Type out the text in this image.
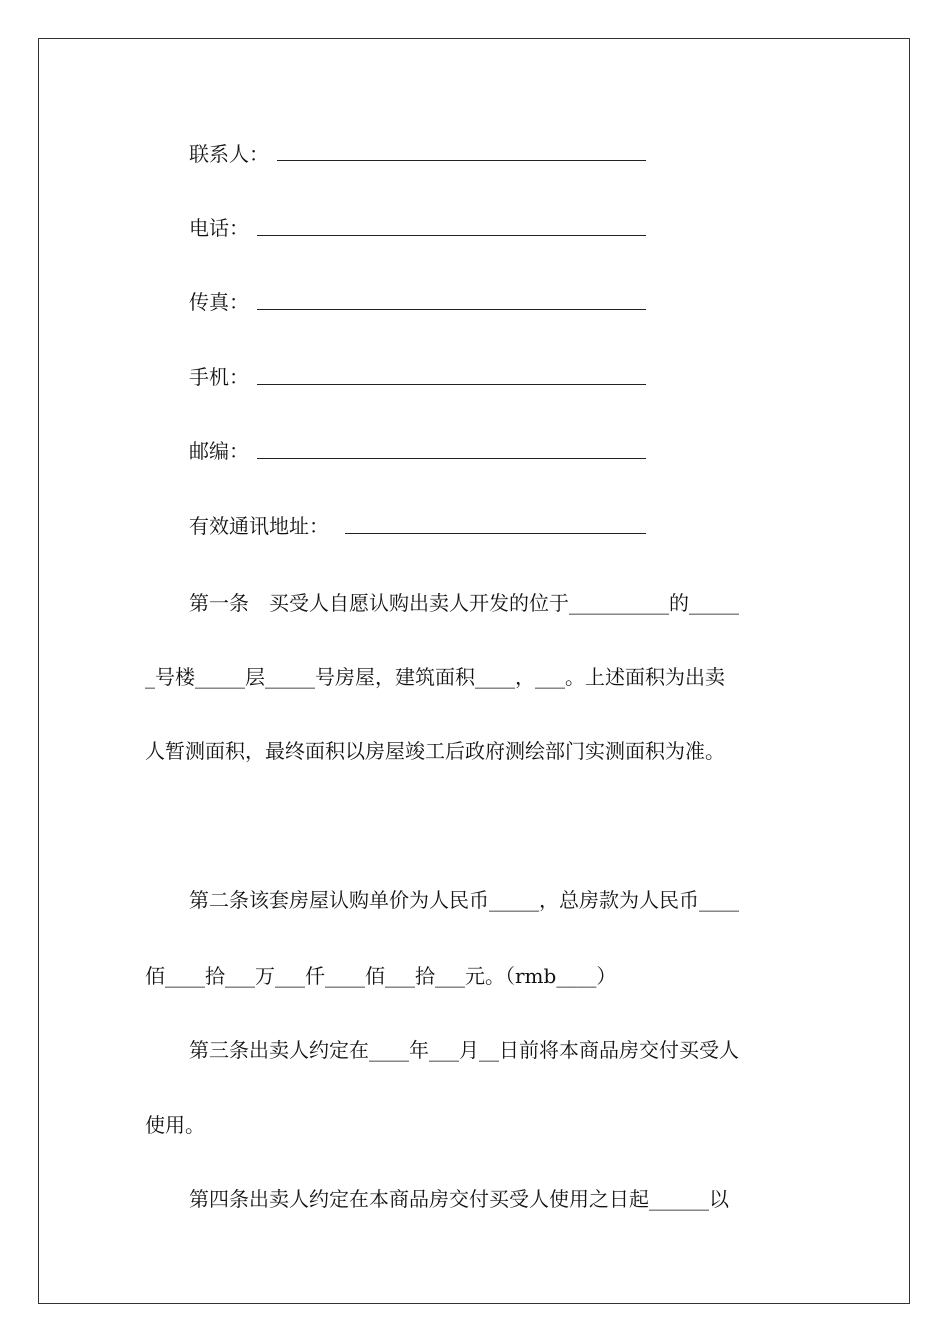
联系人：
电话：
传真：
手机：
邮编：
有效通讯地址：
第一条　买受人自愿认购出卖人开发的位于__________的_____
_号楼_____层_____号房屋，建筑面积____，___。上述面积为出卖
人暂测面积，最终面积以房屋竣工后政府测绘部门实测面积为准。
第二条该套房屋认购单价为人民币_____，总房款为人民币____
佰____拾___万___仟____佰___拾___元。（rmb____）
第三条出卖人约定在____年___月__日前将本商品房交付买受人
使用。
第四条出卖人约定在本商品房交付买受人使用之日起______以
